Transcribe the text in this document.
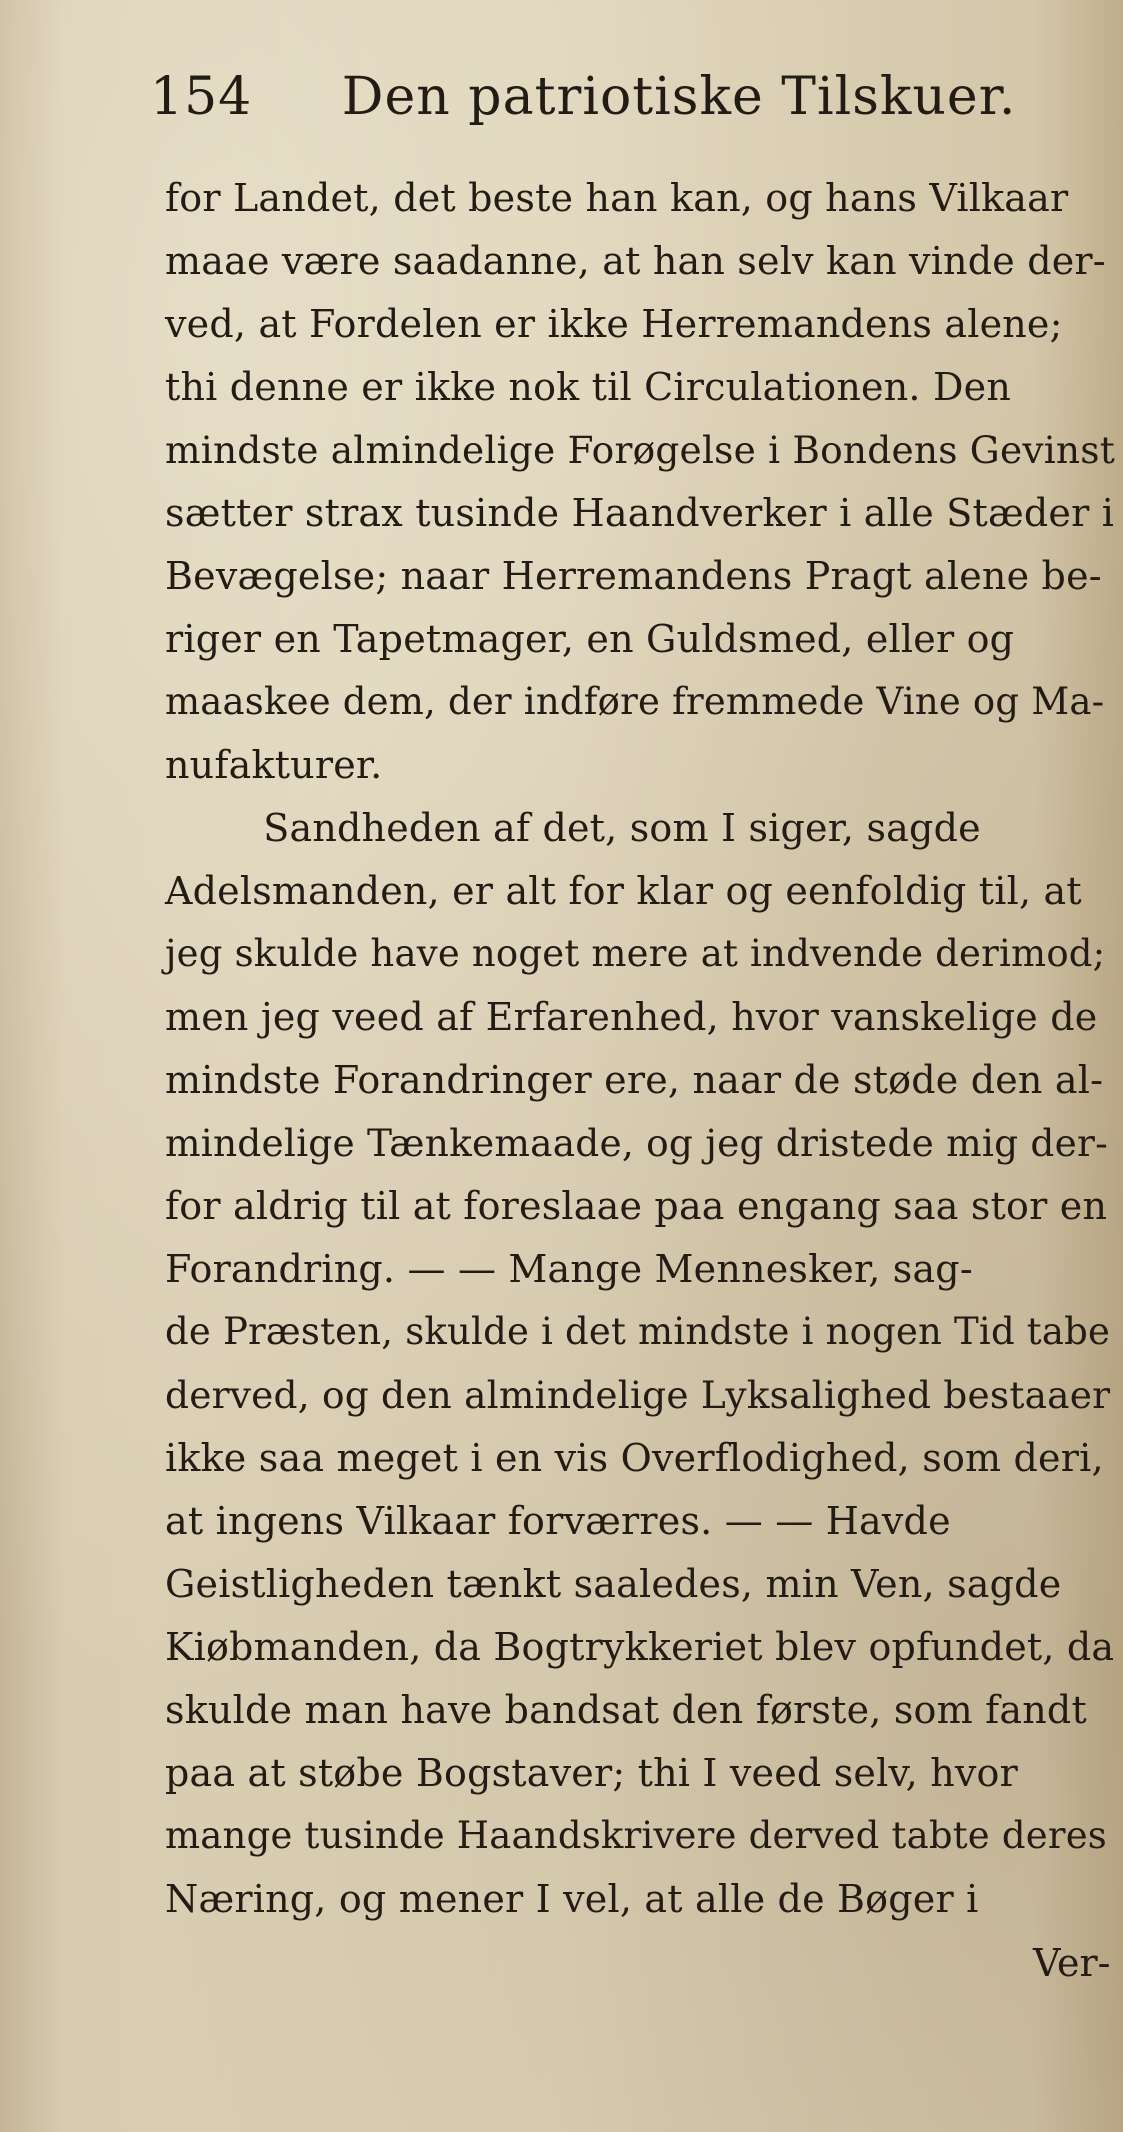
154 Den patriotiske Tilskuer.
for Landet, det beste han kan, og hans Vilkaar
maae være saadanne, at han selv kan vinde der-
ved, at Fordelen er ikke Herremandens alene;
thi denne er ikke nok til Circulationen. Den
mindste almindelige Forøgelse i Bondens Gevinst
sætter strax tusinde Haandverker i alle Stæder i
Bevægelse; naar Herremandens Pragt alene be-
riger en Tapetmager, en Guldsmed, eller og
maaskee dem, der indføre fremmede Vine og Ma-
nufakturer.
Sandheden af det, som I siger, sagde
Adelsmanden, er alt for klar og eenfoldig til, at
jeg skulde have noget mere at indvende derimod;
men jeg veed af Erfarenhed, hvor vanskelige de
mindste Forandringer ere, naar de støde den al-
mindelige Tænkemaade, og jeg dristede mig der-
for aldrig til at foreslaae paa engang saa stor en
Forandring. — — Mange Mennesker, sag-
de Præsten, skulde i det mindste i nogen Tid tabe
derved, og den almindelige Lyksalighed bestaaer
ikke saa meget i en vis Overflodighed, som deri,
at ingens Vilkaar forværres. — — Havde
Geistligheden tænkt saaledes, min Ven, sagde
Kiøbmanden, da Bogtrykkeriet blev opfundet, da
skulde man have bandsat den første, som fandt
paa at støbe Bogstaver; thi I veed selv, hvor
mange tusinde Haandskrivere derved tabte deres
Næring, og mener I vel, at alle de Bøger i
Ver-
